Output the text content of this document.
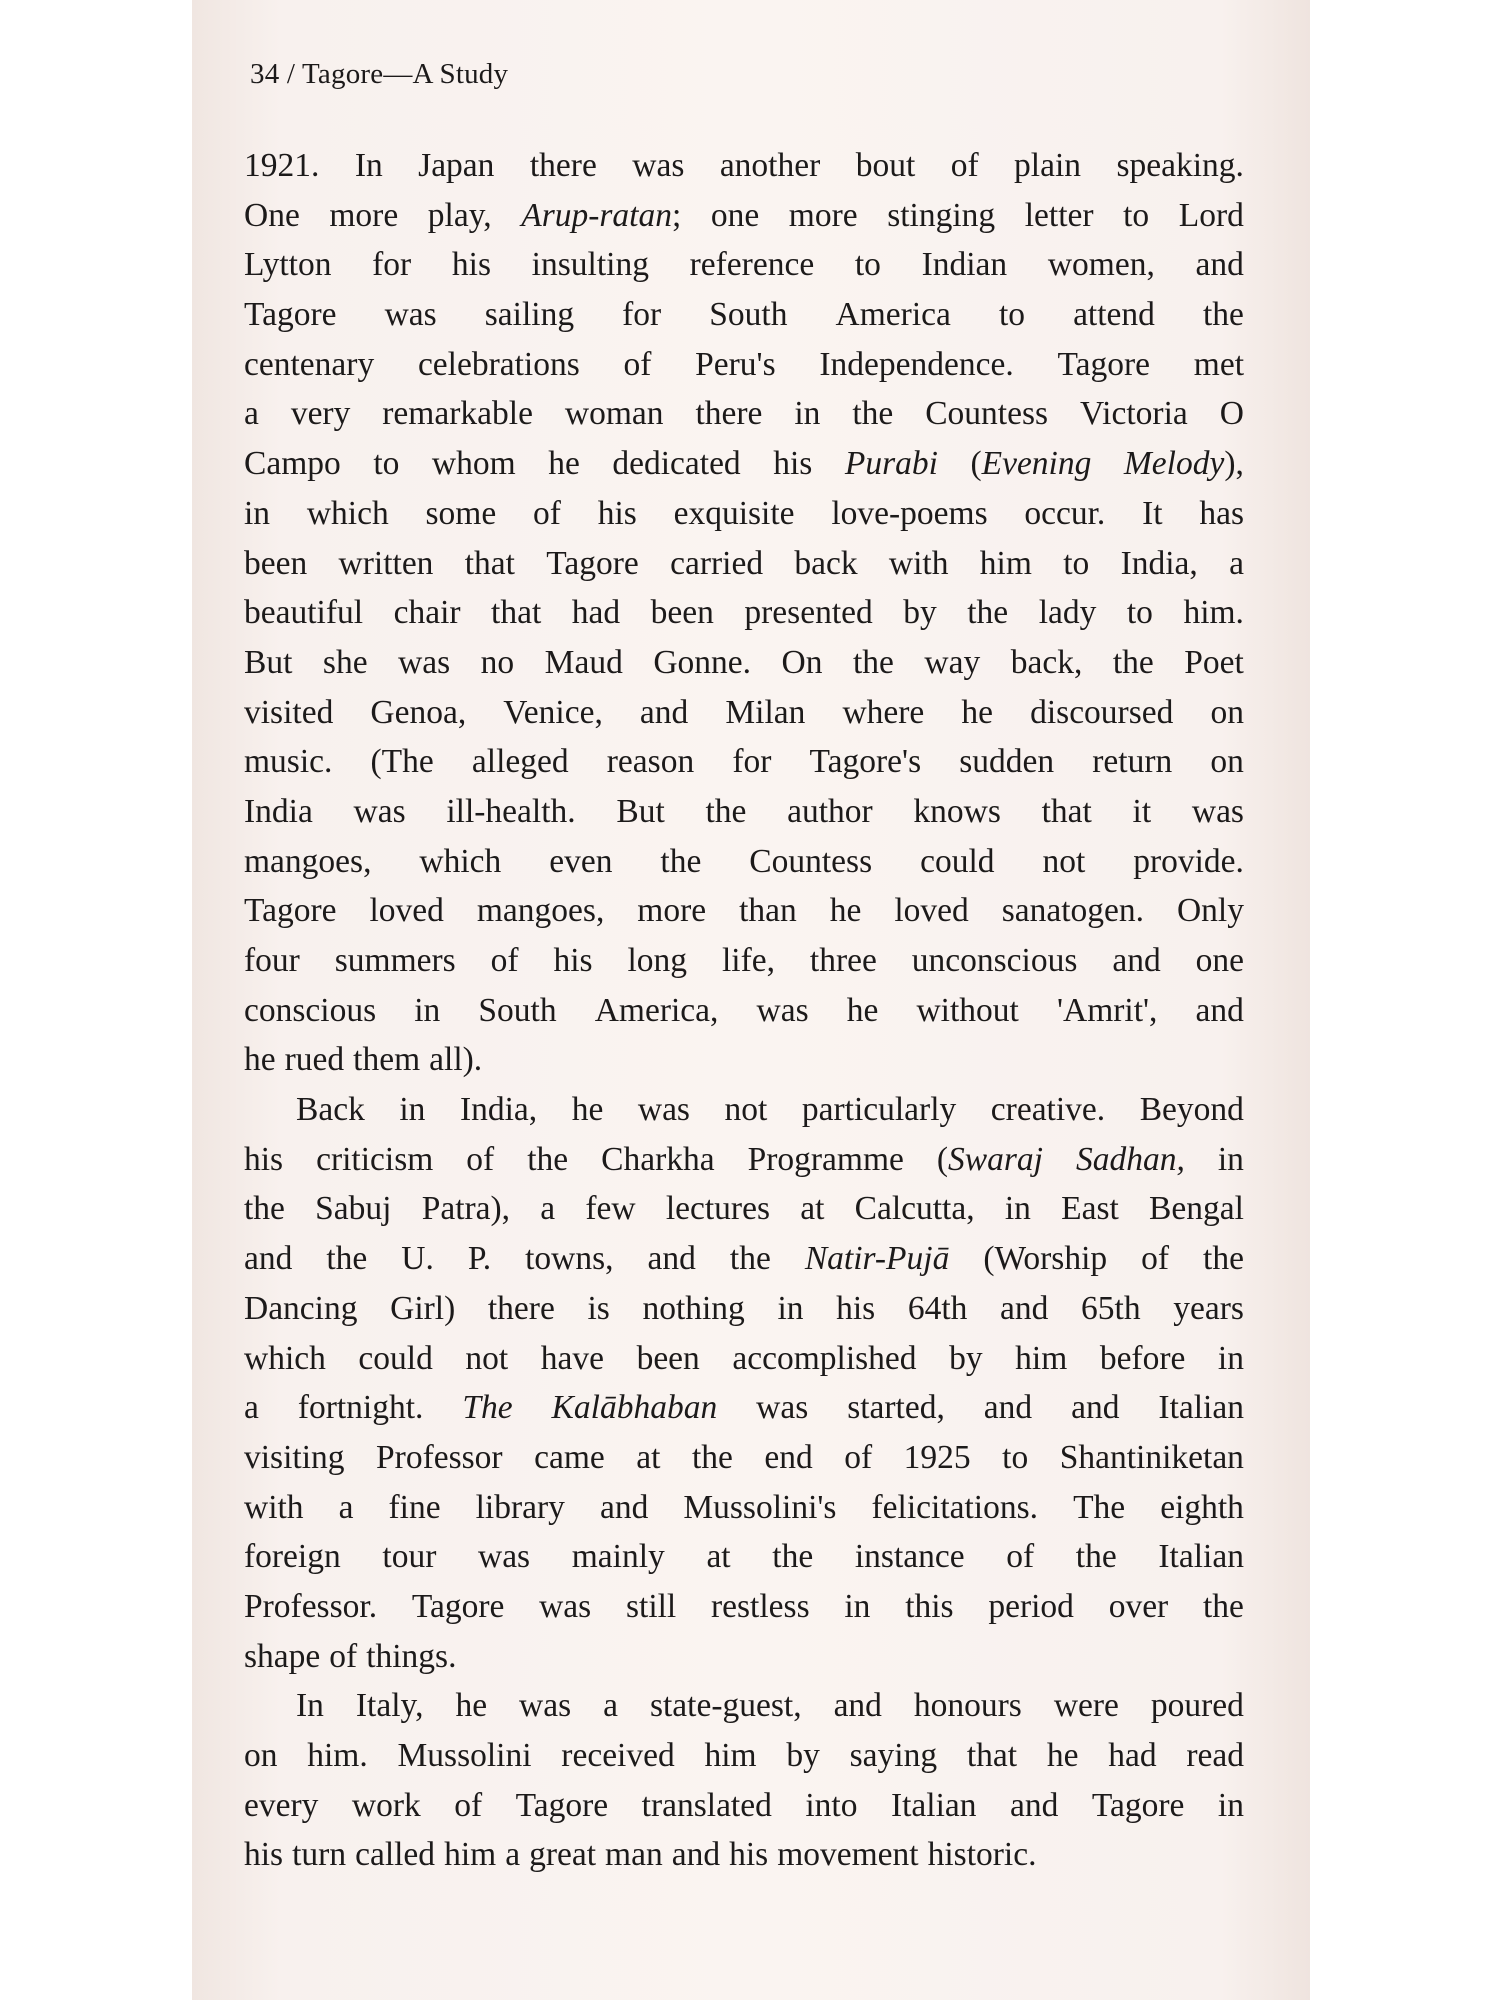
34 / Tagore—A Study
1921. In Japan there was another bout of plain speaking.
One more play, Arup-ratan; one more stinging letter to Lord
Lytton for his insulting reference to Indian women, and
Tagore was sailing for South America to attend the
centenary celebrations of Peru's Independence. Tagore met
a very remarkable woman there in the Countess Victoria O
Campo to whom he dedicated his Purabi (Evening Melody),
in which some of his exquisite love-poems occur. It has
been written that Tagore carried back with him to India, a
beautiful chair that had been presented by the lady to him.
But she was no Maud Gonne. On the way back, the Poet
visited Genoa, Venice, and Milan where he discoursed on
music. (The alleged reason for Tagore's sudden return on
India was ill-health. But the author knows that it was
mangoes, which even the Countess could not provide.
Tagore loved mangoes, more than he loved sanatogen. Only
four summers of his long life, three unconscious and one
conscious in South America, was he without 'Amrit', and
he rued them all).
Back in India, he was not particularly creative. Beyond
his criticism of the Charkha Programme (Swaraj Sadhan, in
the Sabuj Patra), a few lectures at Calcutta, in East Bengal
and the U. P. towns, and the Natir-Pujā (Worship of the
Dancing Girl) there is nothing in his 64th and 65th years
which could not have been accomplished by him before in
a fortnight. The Kalābhaban was started, and and Italian
visiting Professor came at the end of 1925 to Shantiniketan
with a fine library and Mussolini's felicitations. The eighth
foreign tour was mainly at the instance of the Italian
Professor. Tagore was still restless in this period over the
shape of things.
In Italy, he was a state-guest, and honours were poured
on him. Mussolini received him by saying that he had read
every work of Tagore translated into Italian and Tagore in
his turn called him a great man and his movement historic.
